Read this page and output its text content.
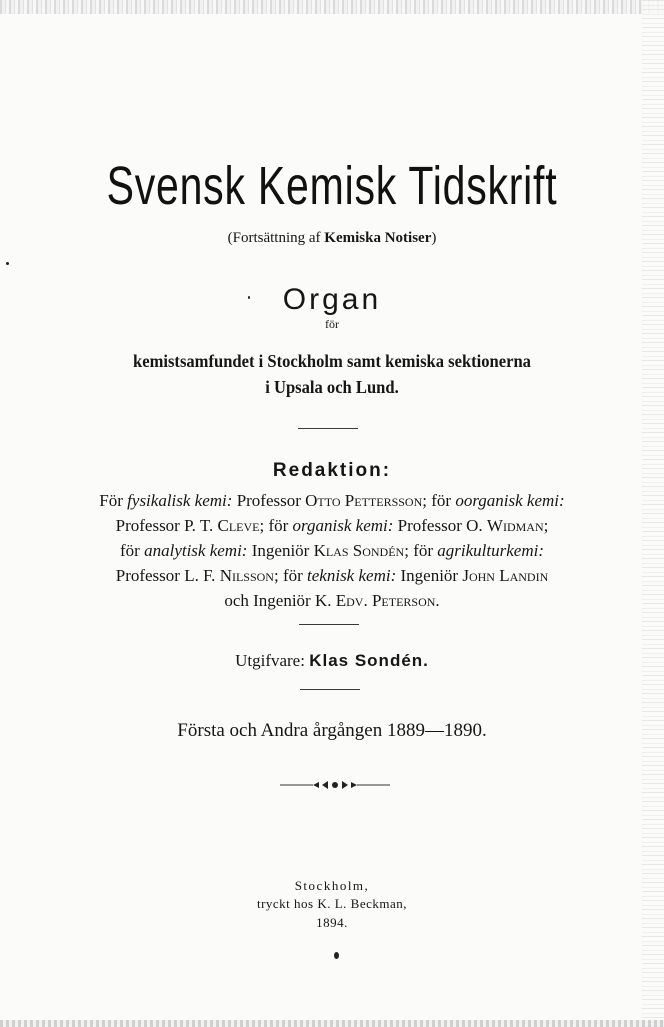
Svensk Kemisk Tidskrift

(Fortsättning af Kemiska Notiser)

Organ

för

kemistsamfundet i Stockholm samt kemiska sektionerna

i Upsala och Lund.

Redaktion:

För fysikalisk kemi: Professor Otto Pettersson; för oorganisk kemi:

Professor P. T. Cleve; för organisk kemi: Professor O. Widman;

för analytisk kemi: Ingeniör Klas Sondén; för agrikulturkemi:

Professor L. F. Nilsson; för teknisk kemi: Ingeniör John Landin

och Ingeniör K. Edv. Peterson.

Utgifvare: Klas Sondén.

Första och Andra årgången 1889—1890.

Stockholm,

tryckt hos K. L. Beckman,

1894.
